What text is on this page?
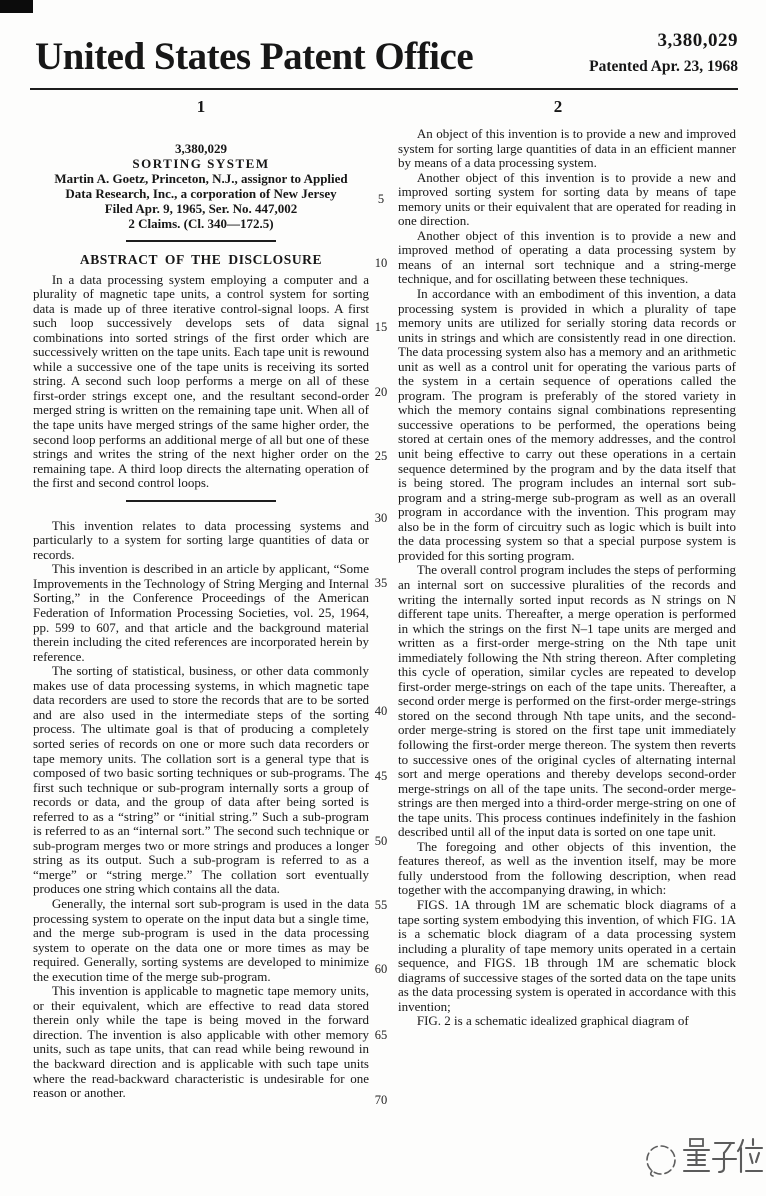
United States Patent Office	3,380,029
Patented Apr. 23, 1968
1	2
3,380,029
SORTING SYSTEM
Martin A. Goetz, Princeton, N.J., assignor to Applied
Data Research, Inc., a corporation of New Jersey
Filed Apr. 9, 1965, Ser. No. 447,002
2 Claims. (Cl. 340—172.5)
ABSTRACT OF THE DISCLOSURE

In a data processing system employing a computer and a plurality of magnetic tape units, a control system for sorting data is made up of three iterative control-signal loops. A first such loop successively develops sets of data signal combinations into sorted strings of the first order which are successively written on the tape units. Each tape unit is rewound while a successive one of the tape units is receiving its sorted string. A second such loop performs a merge on all of these first-order strings except one, and the resultant second-order merged string is written on the remaining tape unit. When all of the tape units have merged strings of the same higher order, the second loop performs an additional merge of all but one of these strings and writes the string of the next higher order on the remaining tape. A third loop directs the alternating operation of the first and second control loops.

This invention relates to data processing systems and particularly to a system for sorting large quantities of data or records.

This invention is described in an article by applicant, “Some Improvements in the Technology of String Merging and Internal Sorting,” in the Conference Proceedings of the American Federation of Information Processing Societies, vol. 25, 1964, pp. 599 to 607, and that article and the background material therein including the cited references are incorporated herein by reference.

The sorting of statistical, business, or other data commonly makes use of data processing systems, in which magnetic tape data recorders are used to store the records that are to be sorted and are also used in the intermediate steps of the sorting process. The ultimate goal is that of producing a completely sorted series of records on one or more such data recorders or tape memory units. The collation sort is a general type that is composed of two basic sorting techniques or sub-programs. The first such technique or sub-program internally sorts a group of records or data, and the group of data after being sorted is referred to as a “string” or “initial string.” Such a sub-program is referred to as an “internal sort.” The second such technique or sub-program merges two or more strings and produces a longer string as its output. Such a sub-program is referred to as a “merge” or “string merge.” The collation sort eventually produces one string which contains all the data.

Generally, the internal sort sub-program is used in the data processing system to operate on the input data but a single time, and the merge sub-program is used in the data processing system to operate on the data one or more times as may be required. Generally, sorting systems are developed to minimize the execution time of the merge sub-program.

This invention is applicable to magnetic tape memory units, or their equivalent, which are effective to read data stored therein only while the tape is being moved in the forward direction. The invention is also applicable with other memory units, such as tape units, that can read while being rewound in the backward direction and is applicable with such tape units where the read-backward characteristic is undesirable for one reason or another.

An object of this invention is to provide a new and improved system for sorting large quantities of data in an efficient manner by means of a data processing system.

Another object of this invention is to provide a new and improved sorting system for sorting data by means of tape memory units or their equivalent that are operated for reading in one direction.

Another object of this invention is to provide a new and improved method of operating a data processing system by means of an internal sort technique and a string-merge technique, and for oscillating between these techniques.

In accordance with an embodiment of this invention, a data processing system is provided in which a plurality of tape memory units are utilized for serially storing data records or units in strings and which are consistently read in one direction. The data processing system also has a memory and an arithmetic unit as well as a control unit for operating the various parts of the system in a certain sequence of operations called the program. The program is preferably of the stored variety in which the memory contains signal combinations representing successive operations to be performed, the operations being stored at certain ones of the memory addresses, and the control unit being effective to carry out these operations in a certain sequence determined by the program and by the data itself that is being stored. The program includes an internal sort sub-program and a string-merge sub-program as well as an overall program in accordance with the invention. This program may also be in the form of circuitry such as logic which is built into the data processing system so that a special purpose system is provided for this sorting program.

The overall control program includes the steps of performing an internal sort on successive pluralities of the records and writing the internally sorted input records as N strings on N different tape units. Thereafter, a merge operation is performed in which the strings on the first N–1 tape units are merged and written as a first-order merge-string on the Nth tape unit immediately following the Nth string thereon. After completing this cycle of operation, similar cycles are repeated to develop first-order merge-strings on each of the tape units. Thereafter, a second order merge is performed on the first-order merge-strings stored on the second through Nth tape units, and the second-order merge-string is stored on the first tape unit immediately following the first-order merge thereon. The system then reverts to successive ones of the original cycles of alternating internal sort and merge operations and thereby develops second-order merge-strings on all of the tape units. The second-order merge-strings are then merged into a third-order merge-string on one of the tape units. This process continues indefinitely in the fashion described until all of the input data is sorted on one tape unit.

The foregoing and other objects of this invention, the features thereof, as well as the invention itself, may be more fully understood from the following description, when read together with the accompanying drawing, in which:

FIGS. 1A through 1M are schematic block diagrams of a tape sorting system embodying this invention, of which FIG. 1A is a schematic block diagram of a data processing system including a plurality of tape memory units operated in a certain sequence, and FIGS. 1B through 1M are schematic block diagrams of successive stages of the sorted data on the tape units as the data processing system is operated in accordance with this invention;

FIG. 2 is a schematic idealized graphical diagram of

5
10
15
20
25
30
35
40
45
50
55
60
65
70
